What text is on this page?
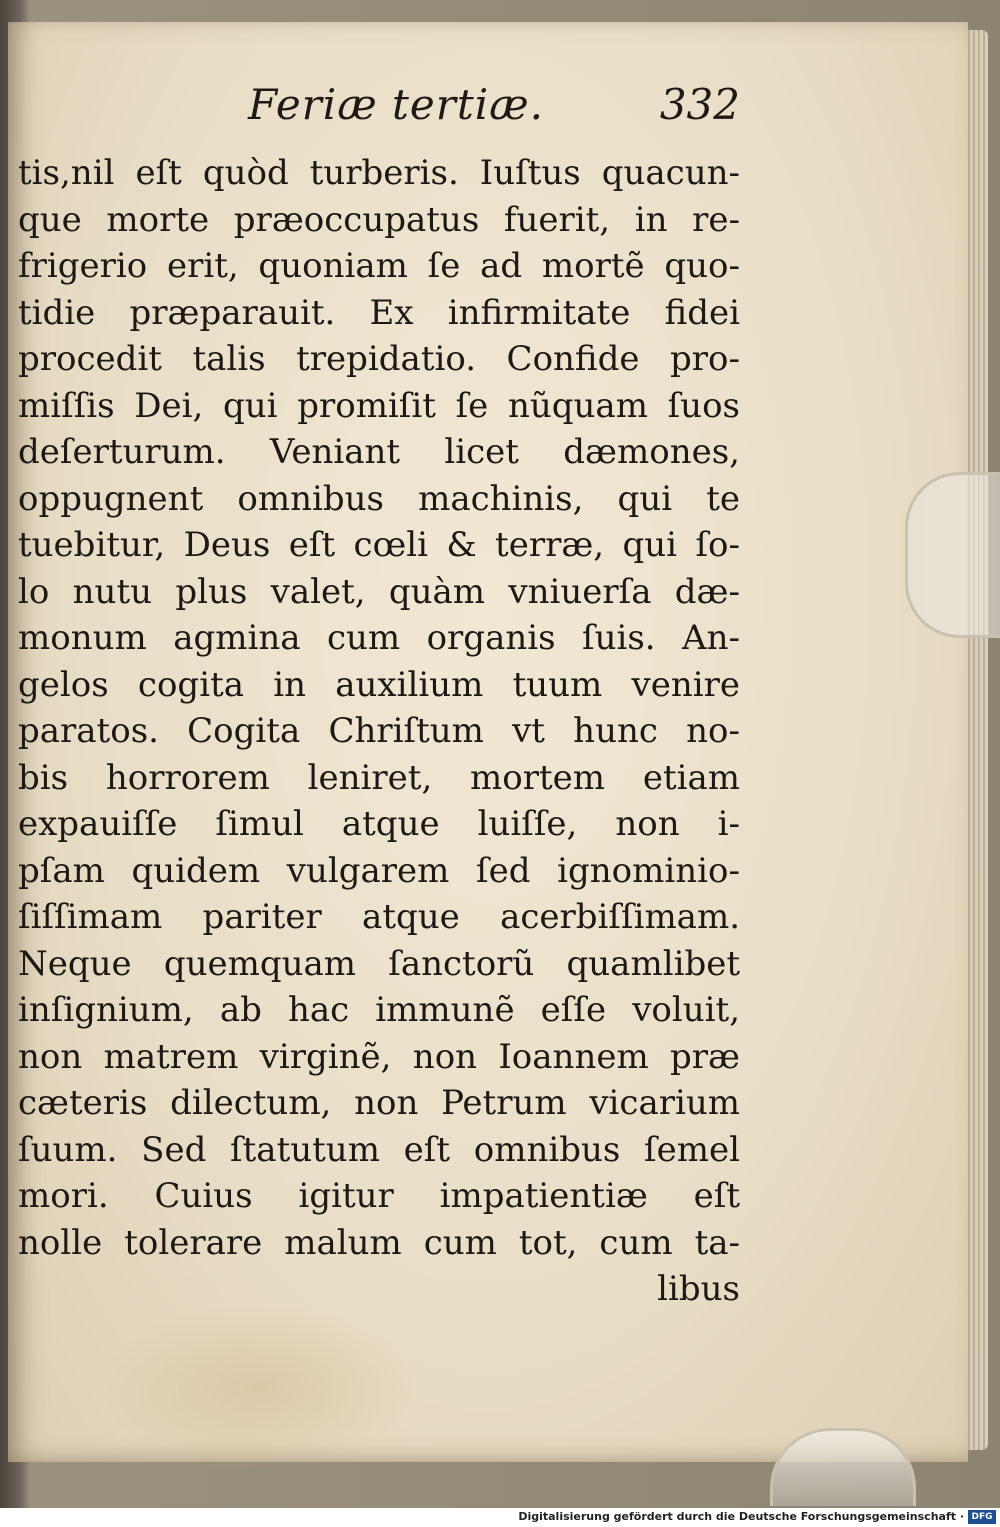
Feriæ tertiæ.	332
tis,nil eſt quòd turberis. Iuſtus quacun-
que morte præoccupatus fuerit, in re-
frigerio erit, quoniam ſe ad mortẽ quo-
tidie præparauit. Ex infirmitate fidei
procedit talis trepidatio. Confide pro-
miſſis Dei, qui promiſit ſe nũquam ſuos
deſerturum. Veniant licet dæmones,
oppugnent omnibus machinis, qui te
tuebitur, Deus eſt cœli & terræ, qui ſo-
lo nutu plus valet, quàm vniuerſa dæ-
monum agmina cum organis ſuis. An-
gelos cogita in auxilium tuum venire
paratos. Cogita Chriſtum vt hunc no-
bis horrorem leniret, mortem etiam
expauiſſe ſimul atque luiſſe, non i-
pſam quidem vulgarem ſed ignominio-
ſiſſimam pariter atque acerbiſſimam.
Neque quemquam ſanctorũ quamlibet
inſignium, ab hac immunẽ eſſe voluit,
non matrem virginẽ, non Ioannem præ
cæteris dilectum, non Petrum vicarium
ſuum. Sed ſtatutum eſt omnibus ſemel
mori. Cuius igitur impatientiæ eſt
nolle tolerare malum cum tot, cum ta-
libus
Digitalisierung gefördert durch die Deutsche Forschungsgemeinschaft · DFG
